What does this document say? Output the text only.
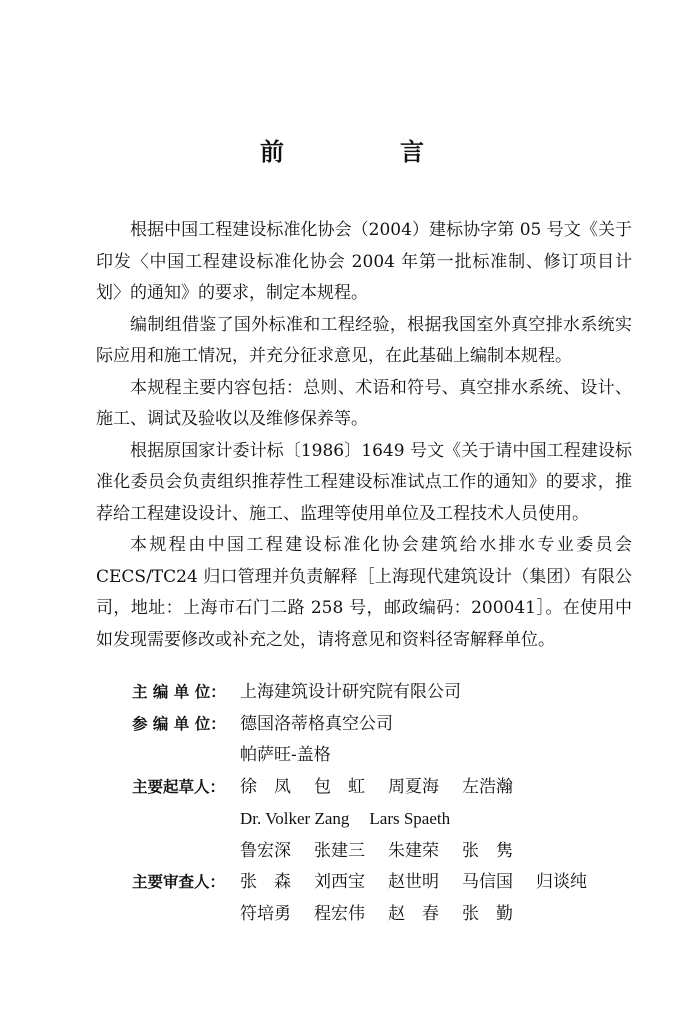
前　言

根据中国工程建设标准化协会（2004）建标协字第 05 号文《关于印发〈中国工程建设标准化协会 2004 年第一批标准制、修订项目计划〉的通知》的要求，制定本规程。

编制组借鉴了国外标准和工程经验，根据我国室外真空排水系统实际应用和施工情况，并充分征求意见，在此基础上编制本规程。

本规程主要内容包括：总则、术语和符号、真空排水系统、设计、施工、调试及验收以及维修保养等。

根据原国家计委计标〔1986〕1649 号文《关于请中国工程建设标准化委员会负责组织推荐性工程建设标准试点工作的通知》的要求，推荐给工程建设设计、施工、监理等使用单位及工程技术人员使用。

本规程由中国工程建设标准化协会建筑给水排水专业委员会 CECS/TC24 归口管理并负责解释［上海现代建筑设计（集团）有限公司，地址：上海市石门二路 258 号，邮政编码：200041］。在使用中如发现需要修改或补充之处，请将意见和资料径寄解释单位。

主 编 单 位： 上海建筑设计研究院有限公司
参 编 单 位： 德国洛蒂格真空公司
帕萨旺-盖格
主要起草人： 徐　凤 包　虹 周夏海 左浩瀚
Dr. Volker Zang Lars Spaeth
鲁宏深 张建三 朱建荣 张　隽
主要审查人： 张　森 刘西宝 赵世明 马信国 归谈纯
符培勇 程宏伟 赵　春 张　勤
